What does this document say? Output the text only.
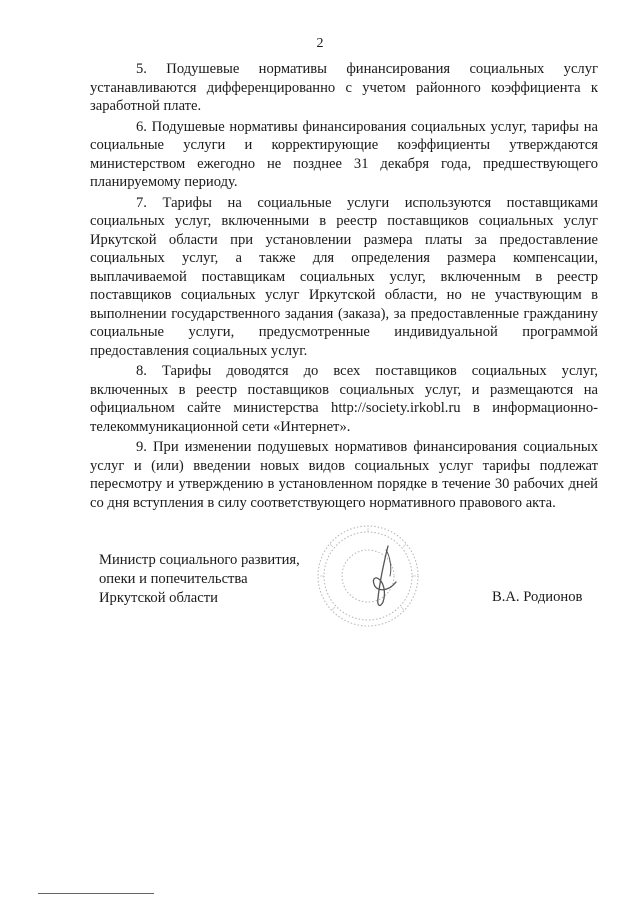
2

5. Подушевые нормативы финансирования социальных услуг устанавливаются дифференцированно с учетом районного коэффициента к заработной плате.

6. Подушевые нормативы финансирования социальных услуг, тарифы на социальные услуги и корректирующие коэффициенты утверждаются министерством ежегодно не позднее 31 декабря года, предшествующего планируемому периоду.

7. Тарифы на социальные услуги используются поставщиками социальных услуг, включенными в реестр поставщиков социальных услуг Иркутской области при установлении размера платы за предоставление социальных услуг, а также для определения размера компенсации, выплачиваемой поставщикам социальных услуг, включенным в реестр поставщиков социальных услуг Иркутской области, но не участвующим в выполнении государственного задания (заказа), за предоставленные гражданину социальные услуги, предусмотренные индивидуальной программой предоставления социальных услуг.

8. Тарифы доводятся до всех поставщиков социальных услуг, включенных в реестр поставщиков социальных услуг, и размещаются на официальном сайте министерства http://society.irkobl.ru в информационно-телекоммуникационной сети «Интернет».

9. При изменении подушевых нормативов финансирования социальных услуг и (или) введении новых видов социальных услуг тарифы подлежат пересмотру и утверждению в установленном порядке в течение 30 рабочих дней со дня вступления в силу соответствующего нормативного правового акта.

Министр социального развития,
опеки и попечительства
Иркутской области	В.А. Родионов
